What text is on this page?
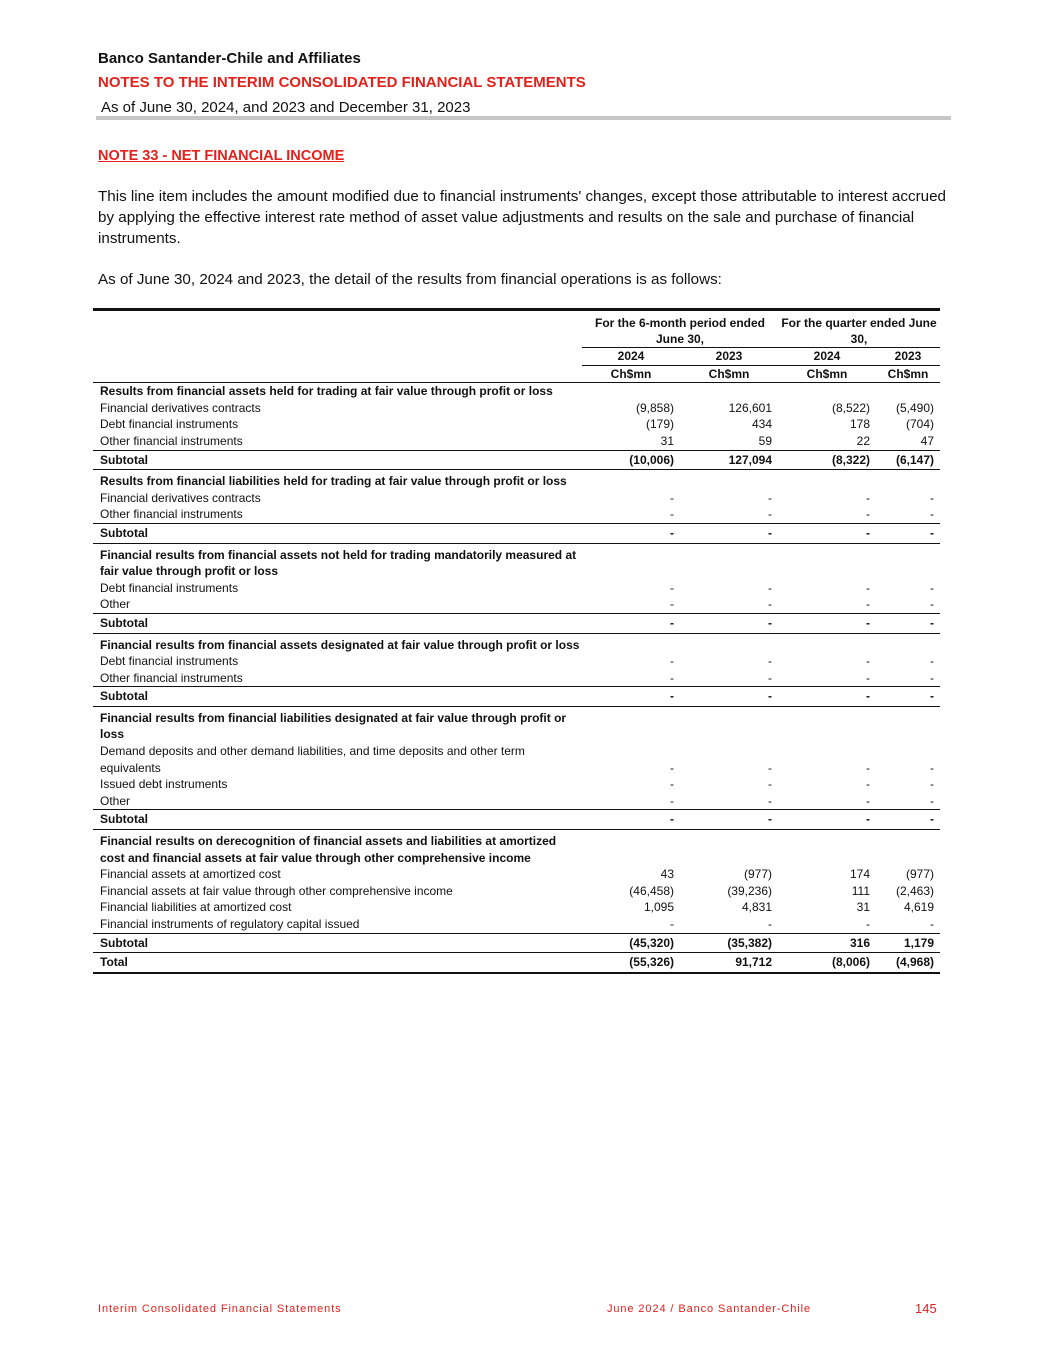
Banco Santander-Chile and Affiliates
NOTES TO THE INTERIM CONSOLIDATED FINANCIAL STATEMENTS
As of June 30, 2024, and 2023 and December 31, 2023
NOTE 33 - NET FINANCIAL INCOME

This line item includes the amount modified due to financial instruments' changes, except those attributable to interest accrued by applying the effective interest rate method of asset value adjustments and results on the sale and purchase of financial instruments.

As of June 30, 2024 and 2023, the detail of the results from financial operations is as follows:

	For the 6-month period ended June 30,		For the quarter ended June 30,	
	2024	2023	2024	2023
	Ch$mn	Ch$mn	Ch$mn	Ch$mn
Results from financial assets held for trading at fair value through profit or loss				
Financial derivatives contracts	(9,858)	126,601	(8,522)	(5,490)
Debt financial instruments	(179)	434	178	(704)
Other financial instruments	31	59	22	47
Subtotal	(10,006)	127,094	(8,322)	(6,147)

Results from financial liabilities held for trading at fair value through profit or loss				
Financial derivatives contracts	-	-	-	-
Other financial instruments	-	-	-	-
Subtotal	-	-	-	-

Financial results from financial assets not held for trading mandatorily measured at fair value through profit or loss				
Debt financial instruments	-	-	-	-
Other	-	-	-	-
Subtotal	-	-	-	-

Financial results from financial assets designated at fair value through profit or loss				
Debt financial instruments	-	-	-	-
Other financial instruments	-	-	-	-
Subtotal	-	-	-	-

Financial results from financial liabilities designated at fair value through profit or loss				
Demand deposits and other demand liabilities, and time deposits and other term equivalents	-	-	-	-
Issued debt instruments	-	-	-	-
Other	-	-	-	-
Subtotal	-	-	-	-

Financial results on derecognition of financial assets and liabilities at amortized cost and financial assets at fair value through other comprehensive income				
Financial assets at amortized cost	43	(977)	174	(977)
Financial assets at fair value through other comprehensive income	(46,458)	(39,236)	111	(2,463)
Financial liabilities at amortized cost	1,095	4,831	31	4,619
Financial instruments of regulatory capital issued	-	-	-	-
Subtotal	(45,320)	(35,382)	316	1,179
Total	(55,326)	91,712	(8,006)	(4,968)
Interim Consolidated Financial Statements	June 2024 / Banco Santander-Chile	145
